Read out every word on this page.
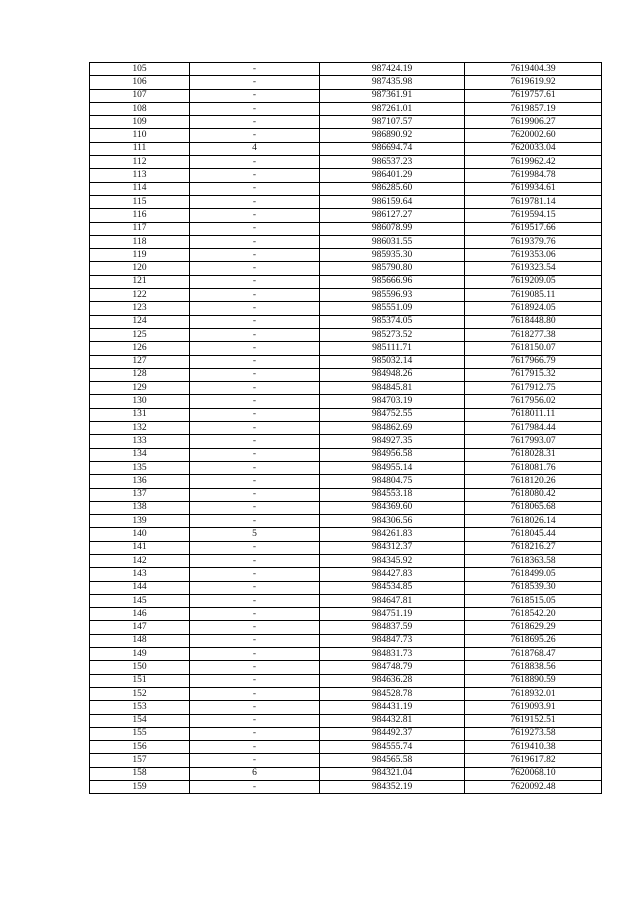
105	-	987424.19	7619404.39
106	-	987435.98	7619619.92
107	-	987361.91	7619757.61
108	-	987261.01	7619857.19
109	-	987107.57	7619906.27
110	-	986890.92	7620002.60
111	4	986694.74	7620033.04
112	-	986537.23	7619962.42
113	-	986401.29	7619984.78
114	-	986285.60	7619934.61
115	-	986159.64	7619781.14
116	-	986127.27	7619594.15
117	-	986078.99	7619517.66
118	-	986031.55	7619379.76
119	-	985935.30	7619353.06
120	-	985790.80	7619323.54
121	-	985666.96	7619209.05
122	-	985596.93	7619085.11
123	-	985551.09	7618924.05
124	-	985374.05	7618448.80
125	-	985273.52	7618277.38
126	-	985111.71	7618150.07
127	-	985032.14	7617966.79
128	-	984948.26	7617915.32
129	-	984845.81	7617912.75
130	-	984703.19	7617956.02
131	-	984752.55	7618011.11
132	-	984862.69	7617984.44
133	-	984927.35	7617993.07
134	-	984956.58	7618028.31
135	-	984955.14	7618081.76
136	-	984804.75	7618120.26
137	-	984553.18	7618080.42
138	-	984369.60	7618065.68
139	-	984306.56	7618026.14
140	5	984261.83	7618045.44
141	-	984312.37	7618216.27
142	-	984345.92	7618363.58
143	-	984427.83	7618499.05
144	-	984534.85	7618539.30
145	-	984647.81	7618515.05
146	-	984751.19	7618542.20
147	-	984837.59	7618629.29
148	-	984847.73	7618695.26
149	-	984831.73	7618768.47
150	-	984748.79	7618838.56
151	-	984636.28	7618890.59
152	-	984528.78	7618932.01
153	-	984431.19	7619093.91
154	-	984432.81	7619152.51
155	-	984492.37	7619273.58
156	-	984555.74	7619410.38
157	-	984565.58	7619617.82
158	6	984321.04	7620068.10
159	-	984352.19	7620092.48
